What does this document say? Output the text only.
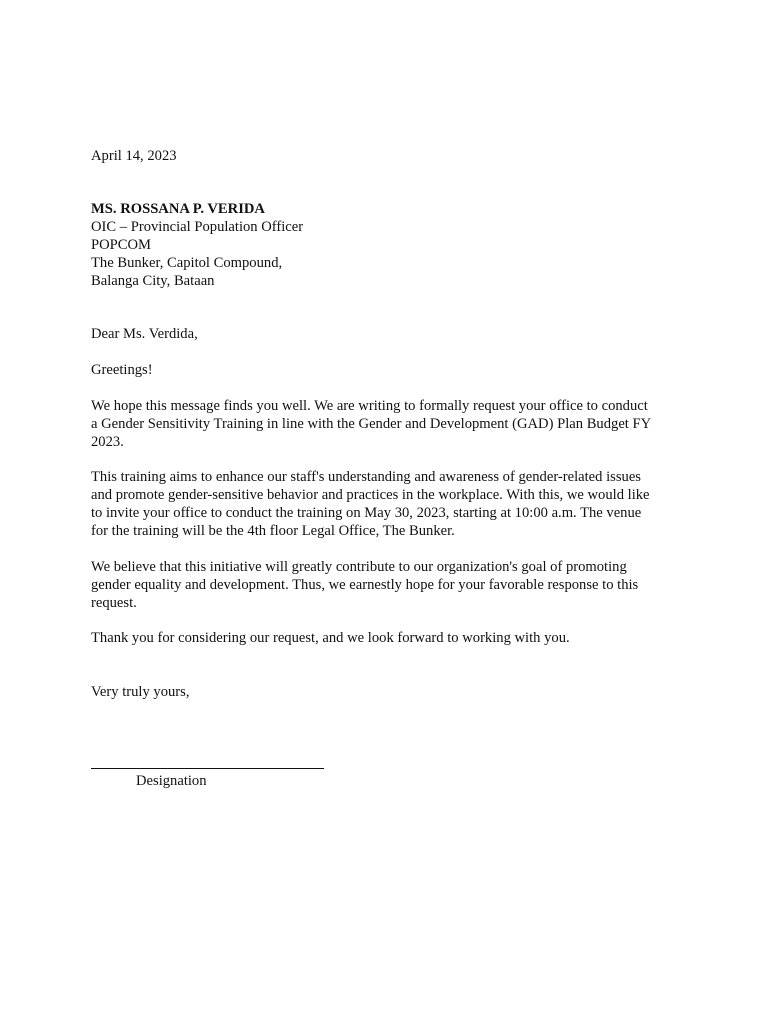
April 14, 2023
MS. ROSSANA P. VERIDA
OIC – Provincial Population Officer
POPCOM
The Bunker, Capitol Compound,
Balanga City, Bataan
Dear Ms. Verdida,
Greetings!
We hope this message finds you well. We are writing to formally request your office to conduct
a Gender Sensitivity Training in line with the Gender and Development (GAD) Plan Budget FY
2023.
This training aims to enhance our staff's understanding and awareness of gender-related issues
and promote gender-sensitive behavior and practices in the workplace. With this, we would like
to invite your office to conduct the training on May 30, 2023, starting at 10:00 a.m. The venue
for the training will be the 4th floor Legal Office, The Bunker.
We believe that this initiative will greatly contribute to our organization's goal of promoting
gender equality and development. Thus, we earnestly hope for your favorable response to this
request.
Thank you for considering our request, and we look forward to working with you.
Very truly yours,
Designation
